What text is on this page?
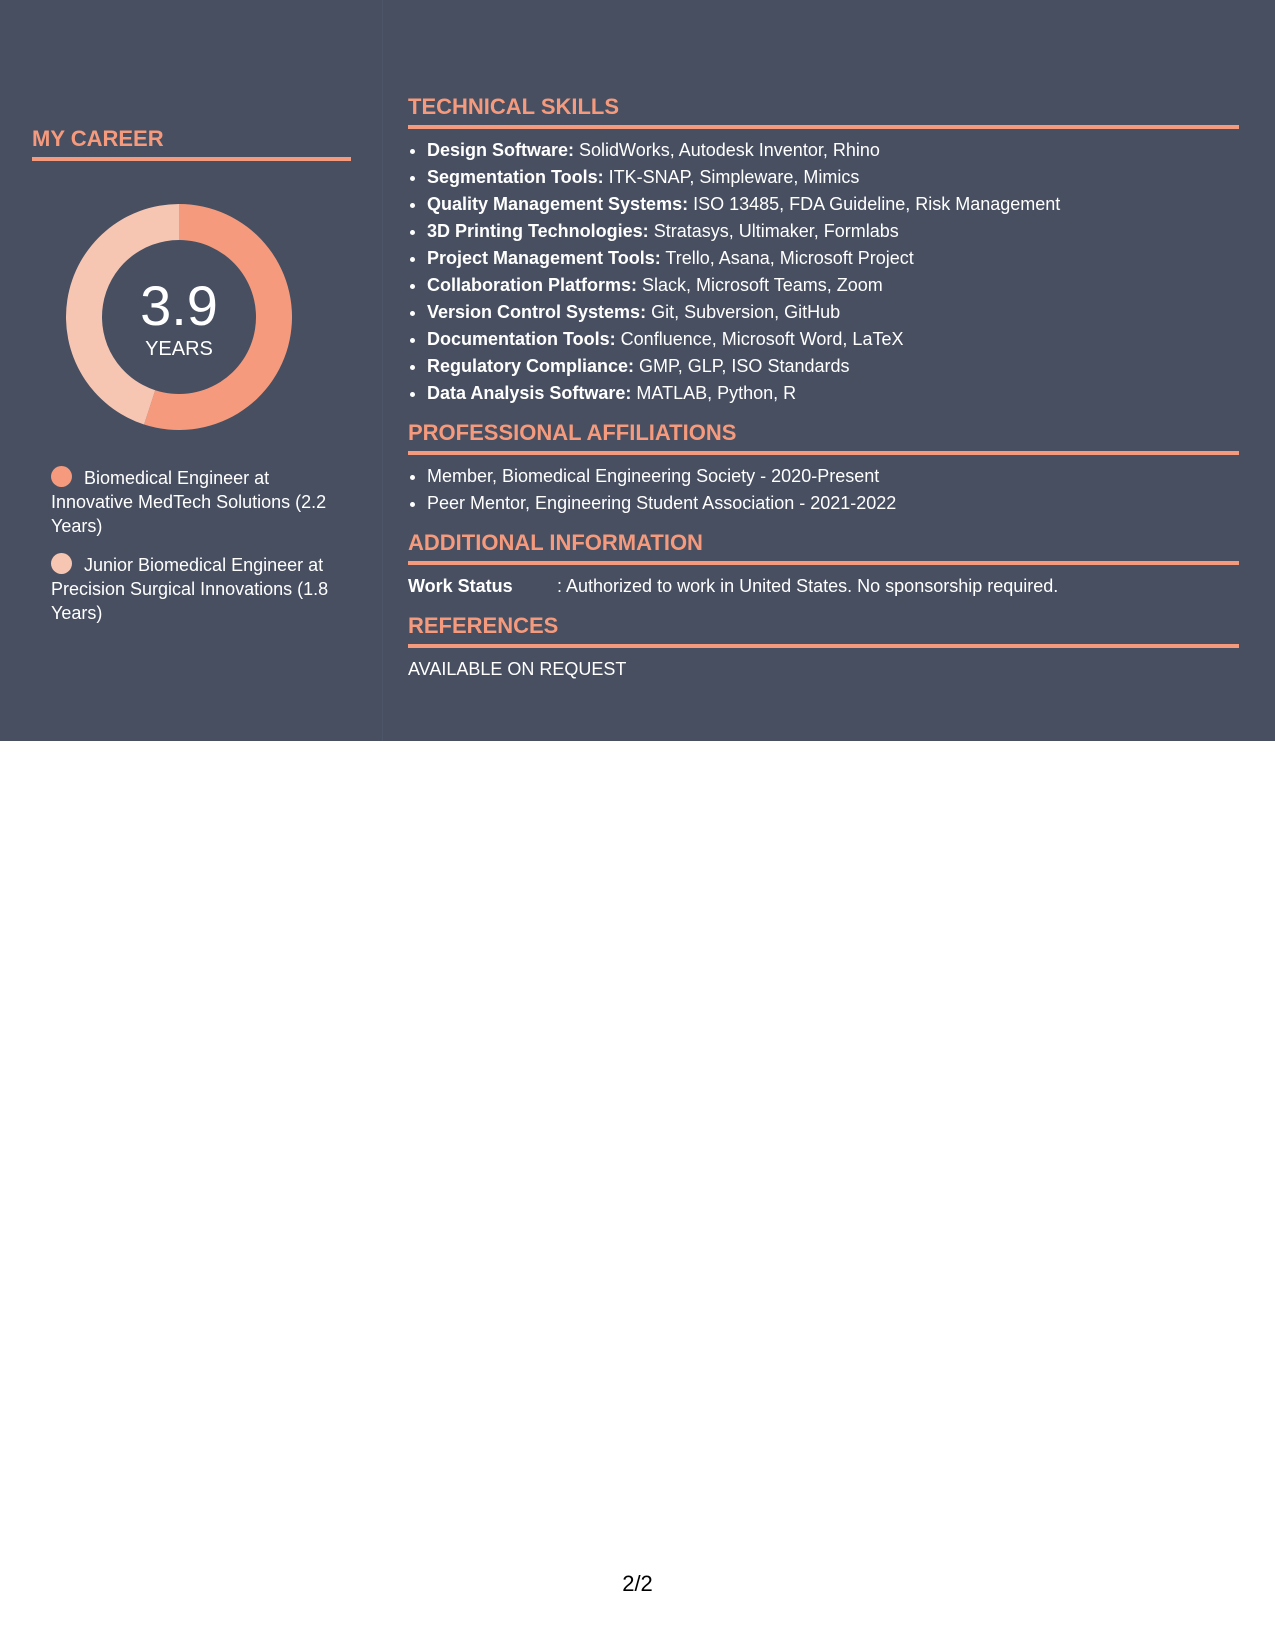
MY CAREER
3.9
YEARS
Biomedical Engineer at Innovative MedTech Solutions (2.2 Years)
Junior Biomedical Engineer at Precision Surgical Innovations (1.8 Years)
TECHNICAL SKILLS
• Design Software: SolidWorks, Autodesk Inventor, Rhino
• Segmentation Tools: ITK-SNAP, Simpleware, Mimics
• Quality Management Systems: ISO 13485, FDA Guideline, Risk Management
• 3D Printing Technologies: Stratasys, Ultimaker, Formlabs
• Project Management Tools: Trello, Asana, Microsoft Project
• Collaboration Platforms: Slack, Microsoft Teams, Zoom
• Version Control Systems: Git, Subversion, GitHub
• Documentation Tools: Confluence, Microsoft Word, LaTeX
• Regulatory Compliance: GMP, GLP, ISO Standards
• Data Analysis Software: MATLAB, Python, R
PROFESSIONAL AFFILIATIONS
• Member, Biomedical Engineering Society - 2020-Present
• Peer Mentor, Engineering Student Association - 2021-2022
ADDITIONAL INFORMATION
Work Status : Authorized to work in United States. No sponsorship required.
REFERENCES
AVAILABLE ON REQUEST
2/2
